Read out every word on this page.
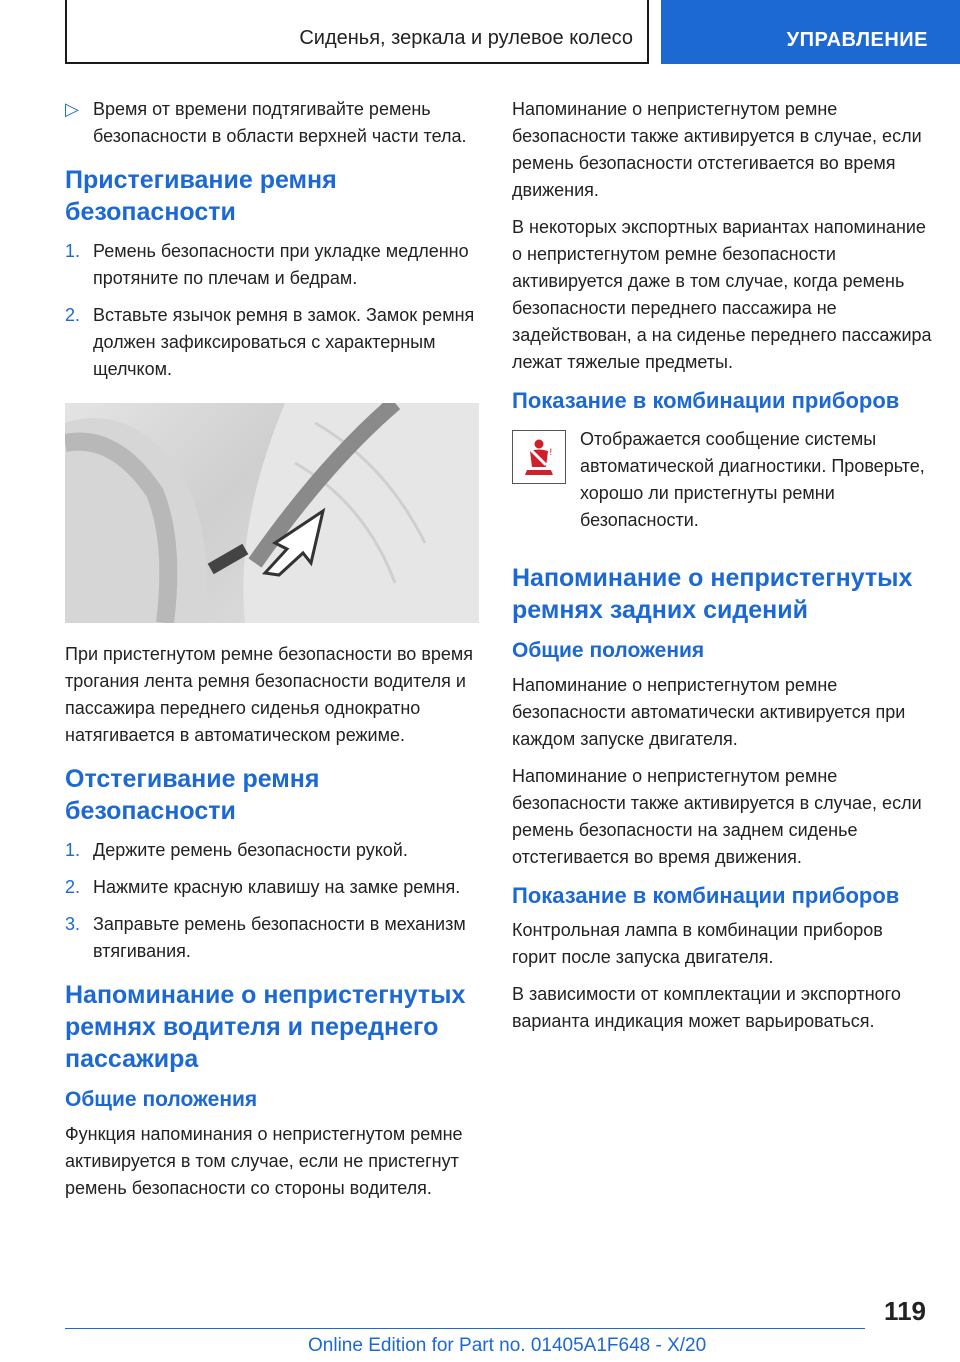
Сиденья, зеркала и рулевое колесо	УПРАВЛЕНИЕ
▷ Время от времени подтягивайте ремень безопасности в области верхней части тела.
Пристегивание ремня безопасности
1. Ремень безопасности при укладке медленно протяните по плечам и бедрам.
2. Вставьте язычок ремня в замок. Замок ремня должен зафиксироваться с характерным щелчком.

При пристегнутом ремне безопасности во время трогания лента ремня безопасности водителя и пассажира переднего сиденья однократно натягивается в автоматическом режиме.

Отстегивание ремня безопасности
1. Держите ремень безопасности рукой.
2. Нажмите красную клавишу на замке ремня.
3. Заправьте ремень безопасности в механизм втягивания.
Напоминание о непристегнутых ремнях водителя и переднего пассажира
Общие положения

Функция напоминания о непристегнутом ремне активируется в том случае, если не пристегнут ремень безопасности со стороны водителя.

Напоминание о непристегнутом ремне безопасности также активируется в случае, если ремень безопасности отстегивается во время движения.

В некоторых экспортных вариантах напоминание о непристегнутом ремне безопасности активируется даже в том случае, когда ремень безопасности переднего пассажира не задействован, а на сиденье переднего пассажира лежат тяжелые предметы.

Показание в комбинации приборов
!

Отображается сообщение системы автоматической диагностики. Проверьте, хорошо ли пристегнуты ремни безопасности.

Напоминание о непристегнутых ремнях задних сидений
Общие положения

Напоминание о непристегнутом ремне безопасности автоматически активируется при каждом запуске двигателя.

Напоминание о непристегнутом ремне безопасности также активируется в случае, если ремень безопасности на заднем сиденье отстегивается во время движения.

Показание в комбинации приборов

Контрольная лампа в комбинации приборов горит после запуска двигателя.

В зависимости от комплектации и экспортного варианта индикация может варьироваться.

119
Online Edition for Part no. 01405A1F648 - X/20
